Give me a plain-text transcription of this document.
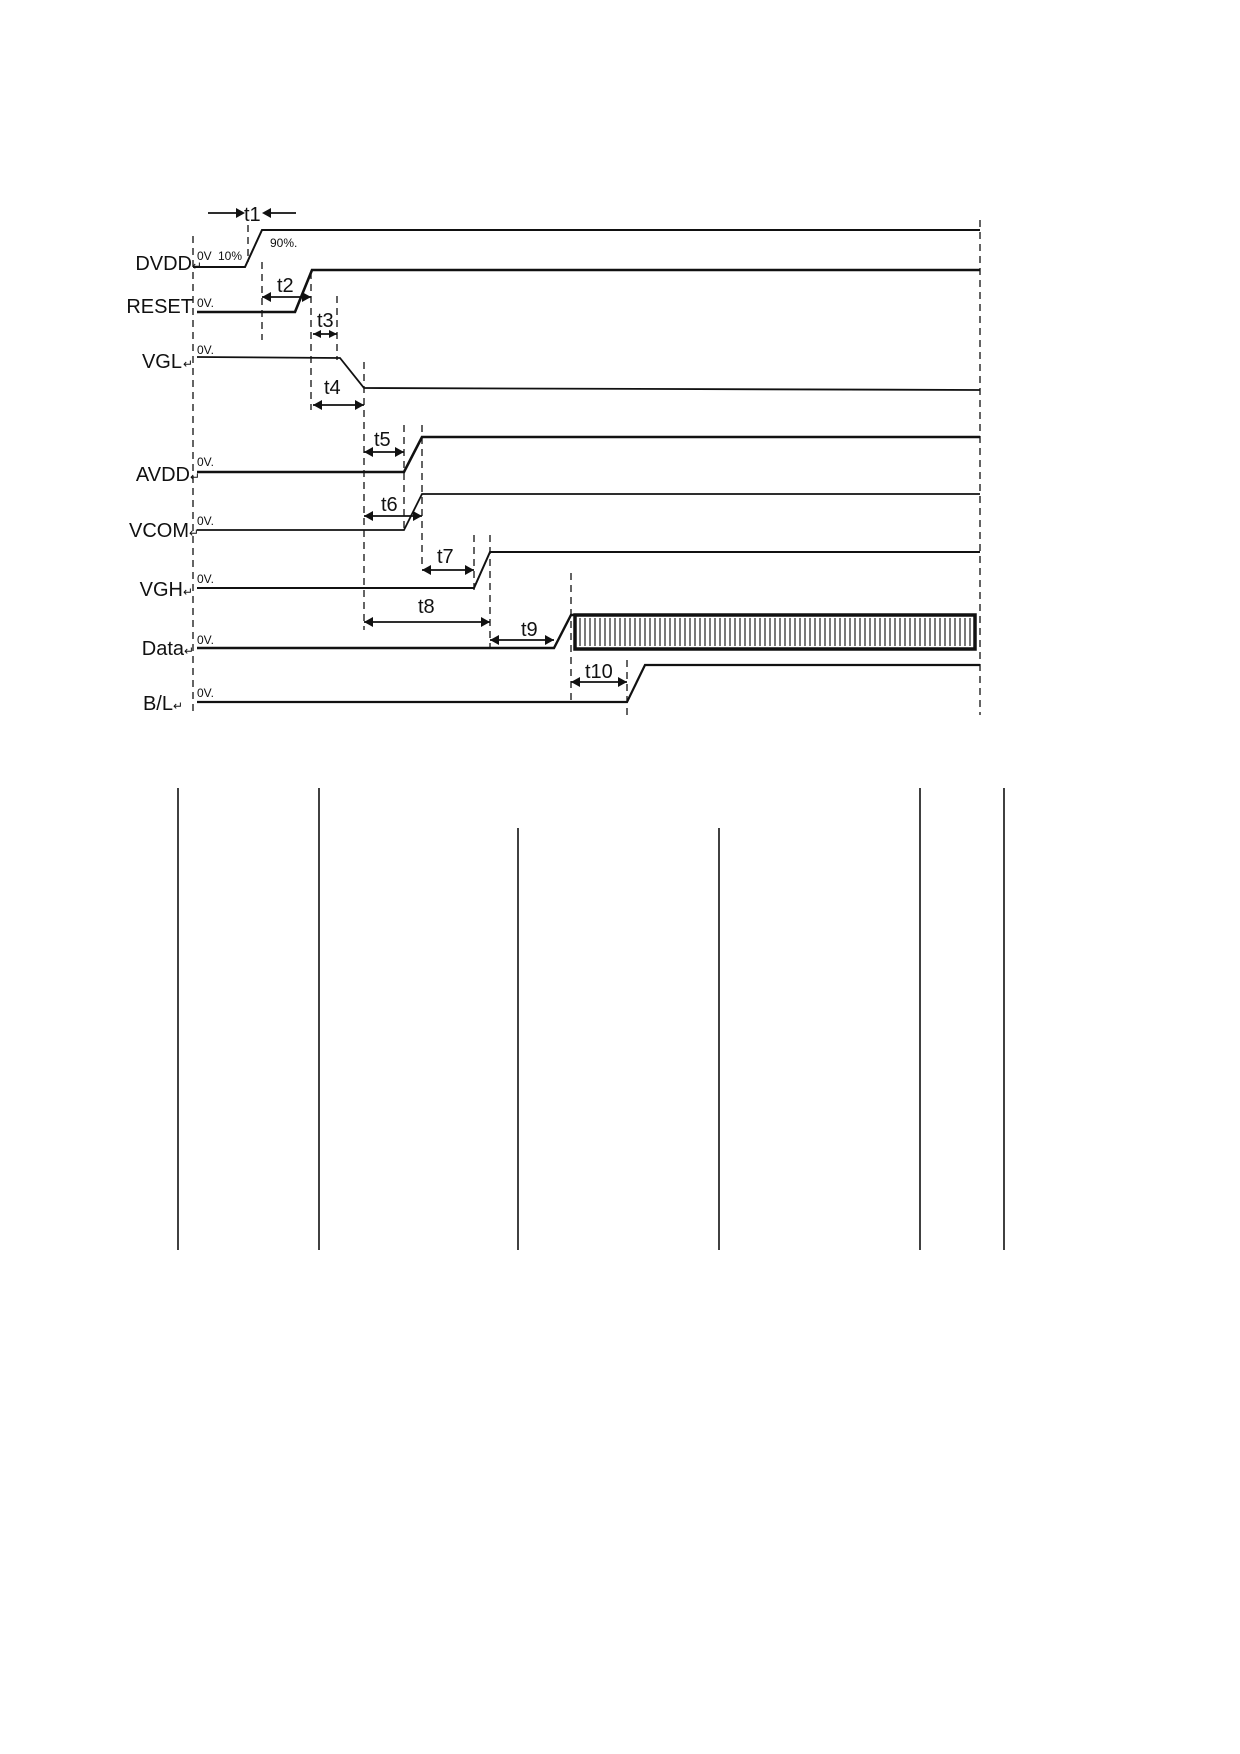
DVDD ↵
RESET
VGL ↵
AVDD ↵
VCOM ↵
VGH ↵
Data ↵
B/L ↵
0V 10%
90%.
0V.
0V.
0V.
0V.
0V.
0V.
0V.
t1
t2
t3
t4
t5
t6
t7
t8
t9
t10
